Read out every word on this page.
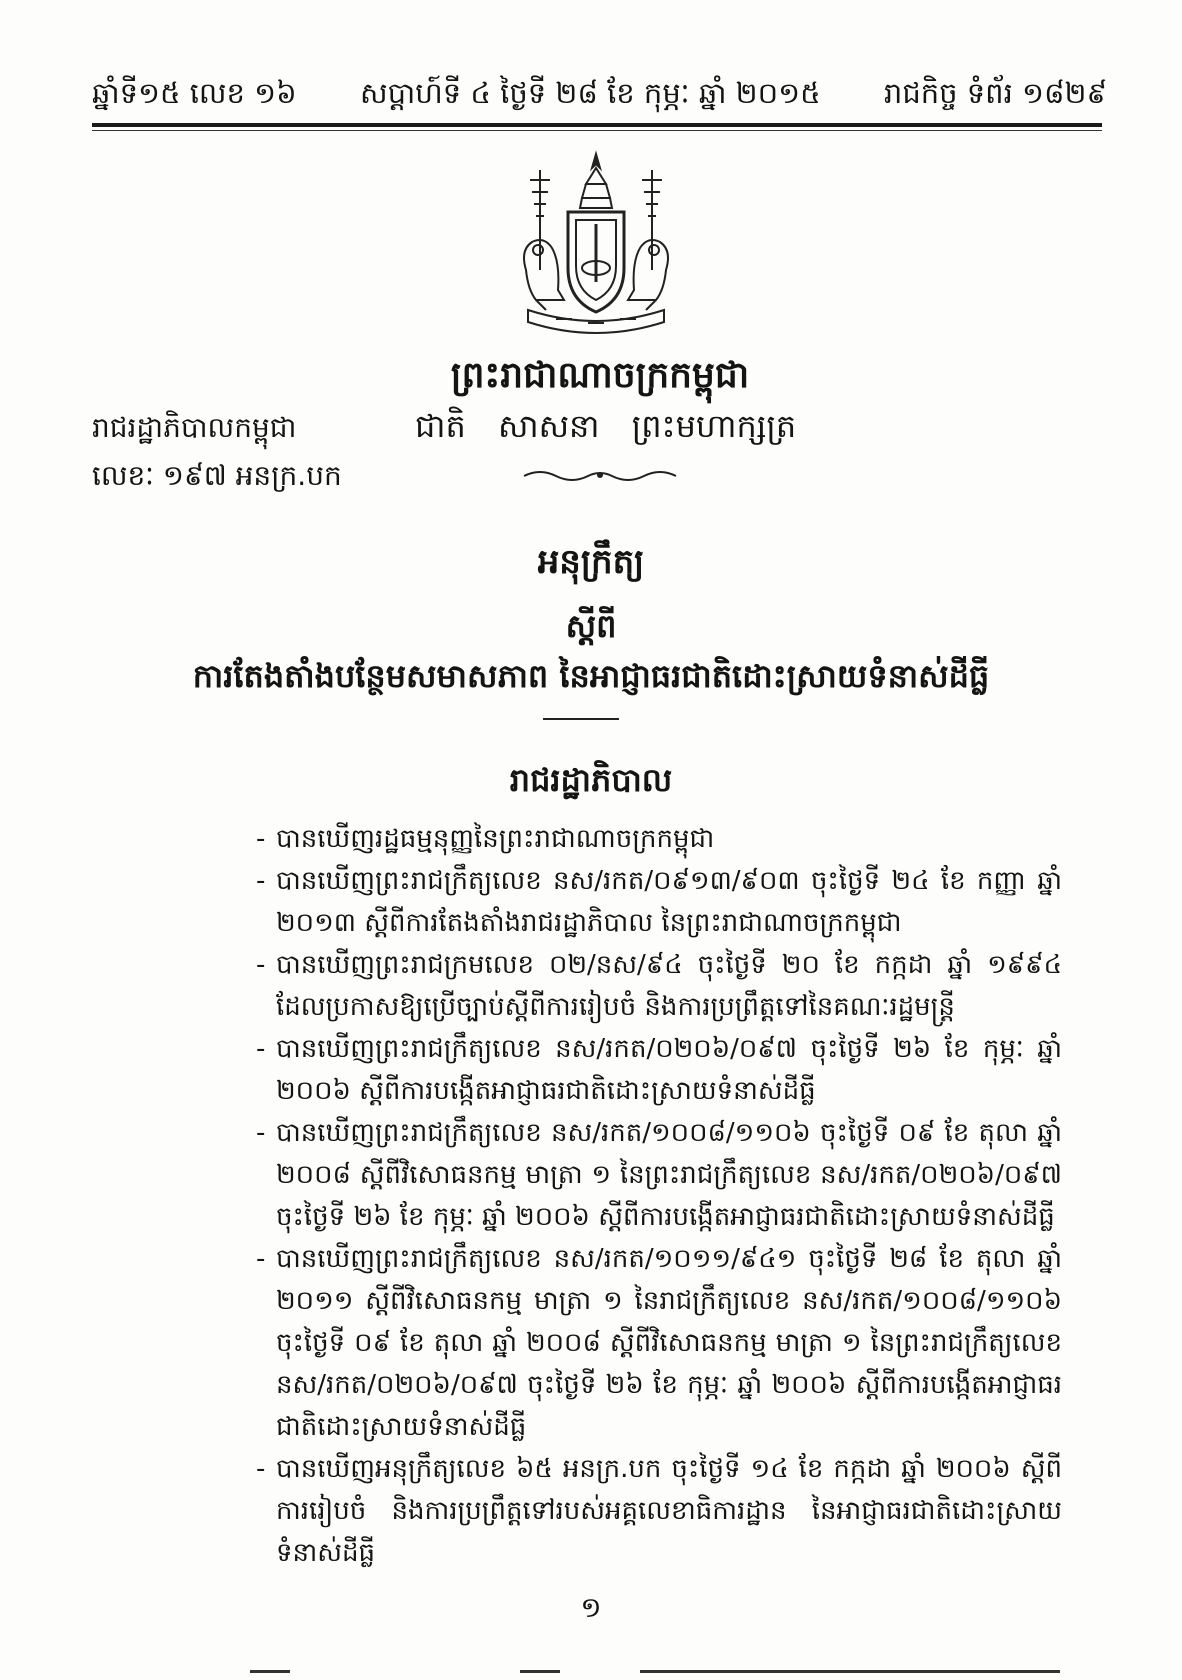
ឆ្នាំទី១៥ លេខ ១៦ សប្តាហ៍ទី ៤ ថ្ងៃទី ២៨ ខែ កុម្ភៈ ឆ្នាំ ២០១៥ រាជកិច្ច ទំព័រ ១៨២៩
ព្រះរាជាណាចក្រកម្ពុជា
រាជរដ្ឋាភិបាលកម្ពុជា	ជាតិ សាសនា ព្រះមហាក្សត្រ
លេខៈ ១៩៧ អនក្រ.បក
អនុក្រឹត្យ
ស្តីពី
ការតែងតាំងបន្ថែមសមាសភាព នៃអាជ្ញាធរជាតិដោះស្រាយទំនាស់ដីធ្លី
រាជរដ្ឋាភិបាល
- បានឃើញរដ្ឋធម្មនុញ្ញនៃព្រះរាជាណាចក្រកម្ពុជា
- បានឃើញព្រះរាជក្រឹត្យលេខ នស/រកត/០៩១៣/៩០៣ ចុះថ្ងៃទី ២៤ ខែ កញ្ញា ឆ្នាំ ២០១៣ ស្តីពីការតែងតាំងរាជរដ្ឋាភិបាល នៃព្រះរាជាណាចក្រកម្ពុជា
- បានឃើញព្រះរាជក្រមលេខ ០២/នស/៩៤ ចុះថ្ងៃទី ២០ ខែ កក្កដា ឆ្នាំ ១៩៩៤ ដែលប្រកាសឱ្យប្រើច្បាប់ស្តីពីការរៀបចំ និងការប្រព្រឹត្តទៅនៃគណៈរដ្ឋមន្ត្រី
- បានឃើញព្រះរាជក្រឹត្យលេខ នស/រកត/០២០៦/០៩៧ ចុះថ្ងៃទី ២៦ ខែ កុម្ភៈ ឆ្នាំ ២០០៦ ស្តីពីការបង្កើតអាជ្ញាធរជាតិដោះស្រាយទំនាស់ដីធ្លី
- បានឃើញព្រះរាជក្រឹត្យលេខ នស/រកត/១០០៨/១១០៦ ចុះថ្ងៃទី ០៩ ខែ តុលា ឆ្នាំ ២០០៨ ស្តីពីវិសោធនកម្ម មាត្រា ១ នៃព្រះរាជក្រឹត្យលេខ នស/រកត/០២០៦/០៩៧ ចុះថ្ងៃទី ២៦ ខែ កុម្ភៈ ឆ្នាំ ២០០៦ ស្តីពីការបង្កើតអាជ្ញាធរជាតិដោះស្រាយទំនាស់ដីធ្លី
- បានឃើញព្រះរាជក្រឹត្យលេខ នស/រកត/១០១១/៩៤១ ចុះថ្ងៃទី ២៨ ខែ តុលា ឆ្នាំ ២០១១ ស្តីពីវិសោធនកម្ម មាត្រា ១ នៃរាជក្រឹត្យលេខ នស/រកត/១០០៨/១១០៦ ចុះថ្ងៃទី ០៩ ខែ តុលា ឆ្នាំ ២០០៨ ស្តីពីវិសោធនកម្ម មាត្រា ១ នៃព្រះរាជក្រឹត្យលេខ នស/រកត/០២០៦/០៩៧ ចុះថ្ងៃទី ២៦ ខែ កុម្ភៈ ឆ្នាំ ២០០៦ ស្តីពីការបង្កើតអាជ្ញាធរជាតិដោះស្រាយទំនាស់ដីធ្លី
- បានឃើញអនុក្រឹត្យលេខ ៦៥ អនក្រ.បក ចុះថ្ងៃទី ១៤ ខែ កក្កដា ឆ្នាំ ២០០៦ ស្តីពីការរៀបចំ និងការប្រព្រឹត្តទៅរបស់អគ្គលេខាធិការដ្ឋាន នៃអាជ្ញាធរជាតិដោះស្រាយទំនាស់ដីធ្លី
១
